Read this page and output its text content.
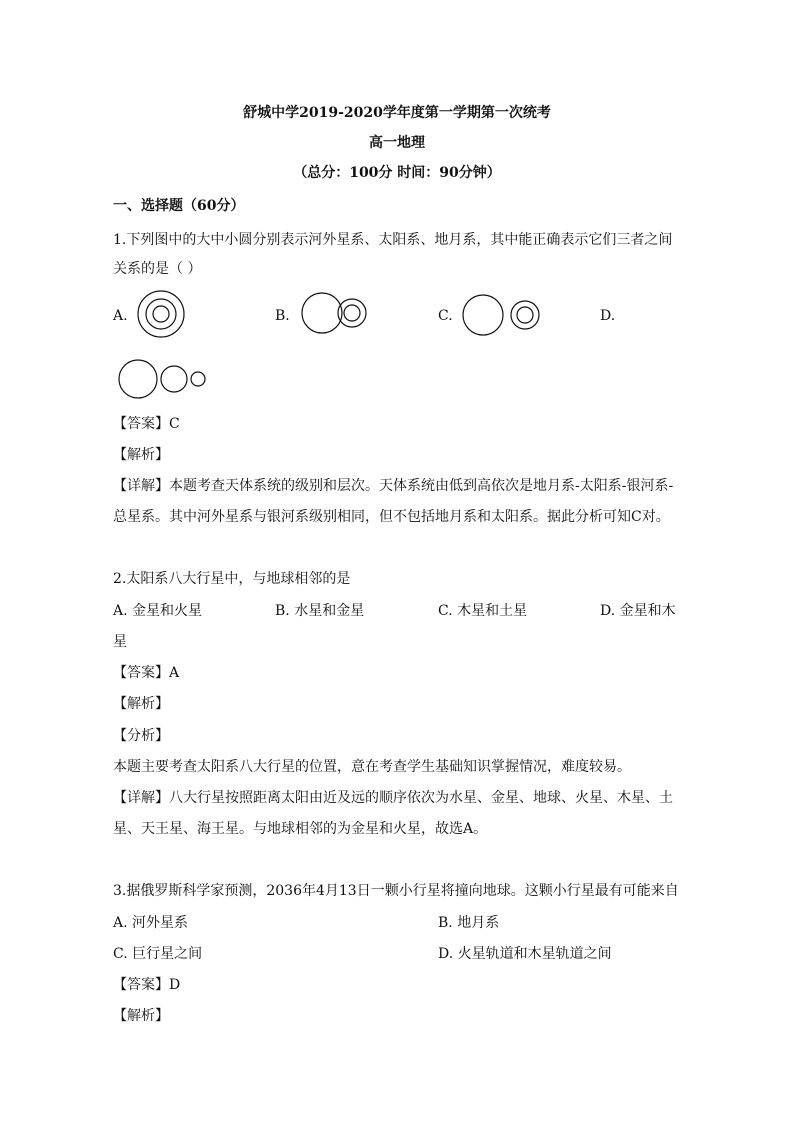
舒城中学2019-2020学年度第一学期第一次统考
高一地理
（总分：100分 时间：90分钟）
一、选择题（60分）
1.下列图中的大中小圆分别表示河外星系、太阳系、地月系，其中能正确表示它们三者之间
关系的是（ ）
A.	B.	C.	D.
【答案】C
【解析】
【详解】本题考查天体系统的级别和层次。天体系统由低到高依次是地月系-太阳系-银河系-
总星系。其中河外星系与银河系级别相同，但不包括地月系和太阳系。据此分析可知C对。
2.太阳系八大行星中，与地球相邻的是
A. 金星和火星	B. 水星和金星	C. 木星和土星	D. 金星和木
星
【答案】A
【解析】
【分析】
本题主要考查太阳系八大行星的位置，意在考查学生基础知识掌握情况，难度较易。
【详解】八大行星按照距离太阳由近及远的顺序依次为水星、金星、地球、火星、木星、土
星、天王星、海王星。与地球相邻的为金星和火星，故选A。
3.据俄罗斯科学家预测，2036年4月13日一颗小行星将撞向地球。这颗小行星最有可能来自
A. 河外星系	B. 地月系
C. 巨行星之间	D. 火星轨道和木星轨道之间
【答案】D
【解析】
